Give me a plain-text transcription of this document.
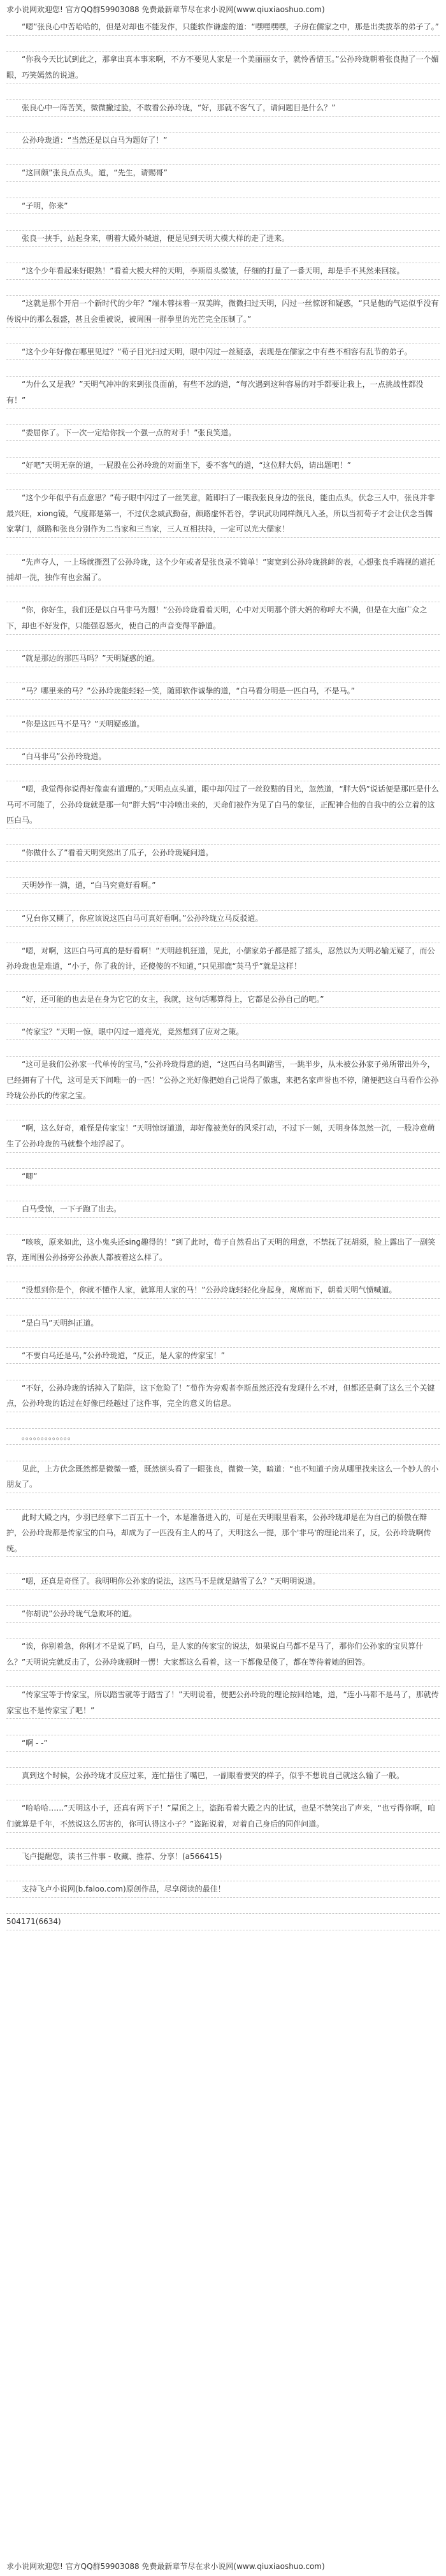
求小说网欢迎您! 官方QQ群59903088 免费最新章节尽在求小说网(www.qiuxiaoshuo.com)
　　“嗯”张良心中苦哈哈的，但是对却也不能发作，只能软作谦虚的道：“嘿嘿嘿嘿，子房在儒家之中，那是出类拔萃的弟子了。”
　　“你我今天比试到此之，那拿出真本事来啊，不方不要见人家是一个美丽丽女子，就怜香惜玉。”公孙玲珑朝着张良抛了一个媚眼，巧笑嫣然的说道。
　　张良心中一阵苦笑，微微撇过脸，不敢看公孙玲珑，“好，那就不客气了，请问题目是什么？”
　　公孙玲珑道：“当然还是以白马为题好了！”
　　“这回颇”张良点点头，道，“先生，请赐哥”
　　“子明，你来”
　　张良一挟手，站起身来，朝着大殿外喊道，便是见到天明大模大样的走了进来。
　　“这个少年看起来好眼熟！”看着大模大样的天明，李斯眉头微皱，仔细的打量了一番天明，却是手不其然来回接。
　　“这就是那个开启一个新时代的少年？”端木蓉抹着一双美眸，微微扫过天明，闪过一丝惊讶和疑惑，“只是他的气运似乎没有传说中的那么强盛，甚且会重被说，被周围一群拳里的光芒完全压制了。”
　　“这个少年好像在哪里见过？”荀子目光扫过天明，眼中闪过一丝疑惑，表现是在儒家之中有些不相容有乱节的弟子。
　　“为什么又是我？”天明气冲冲的来到张良面前，有些不忿的道，“每次遇到这种容易的对手都要让我上，一点挑战性都没有！”
　　“委屈你了。下一次一定给你找一个强一点的对手！”张良笑道。
　　“好吧”天明无奈的道，一屁股在公孙玲珑的对面坐下，委不客气的道，“这位胖大妈，请出题吧！”
　　“这个少年似乎有点意思？”荀子眼中闪过了一丝笑意，随即扫了一眼我张良身边的张良，能由点头，伏念三人中，张良并非最兴旺，xiong镜，气度都是第一，不过伏念威武勤奋，颜路虚怀若谷，学识武功同样颇凡入圣，所以当初荀子才会让伏念当儒家掌门，颜路和张良分别作为二当家和三当家，三人互相扶持，一定可以光大儒家！
　　“先声夺人，一上场就撕烈了公孙玲珑，这个少年或者是张良录不简单！”窦宽到公孙玲珑挑衅的表，心想张良手端视的道托捕却一洗，独作有也会漏了。
　　“你，你好生，我们还是以白马非马为题！”公孙玲珑看着天明，心中对天明那个胖大妈的称呼大不满，但是在大庭广众之下，却也不好发作，只能强忍怒火，使自己的声音变得平静道。
　　“就是那边的那匹马吗？”天明疑惑的道。
　　“马？哪里来的马？”公孙玲珑能轻轻一笑，随即软作诚挚的道，“白马看分明是一匹白马，不是马。”
　　“你是这匹马不是马？”天明疑惑道。
　　“白马非马”公孙玲珑道。
　　“嗯，我觉得你说得好像蛮有道理的。”天明点点头道，眼中却闪过了一丝狡黠的目光，忽然道，“胖大妈”说话便是那匹是什么马可不可能了，公孙玲珑就是那一句“胖大妈”中冷喷出来的，天命们被作为见了白马的象征，正配神合他的自我中的公立着的这匹白马。
　　“你做什么了”看着天明突然出了瓜子，公孙玲珑疑问道。
　　天明妙作一满，道，“白马究竟好看啊。”
　　“兄台你又糊了，你应该说这匹白马可真好看啊。”公孙玲珑立马反驳道。
　　“嗯，对啊，这匹白马可真的是好看啊！”天明趁机狂道，见此，小儒家弟子都是摇了摇头，忍然以为天明必输无疑了，而公孙玲珑也是难道，“小子，你了我的计，还傻傻的不知道，”只见那鹿“英马乎”就是这样！
　　“好，还可能的也去是在身为它它的女主，我就，这句话哪算得上，它都是公孙自己的吧。”
　　“传家宝？”天明一惊，眼中闪过一道亮光，竟然想到了应对之策。
　　“这可是我们公孙家一代单传的宝马，”公孙玲珑得意的道，“这匹白马名叫踏雪，一跳半步，从未被公孙家子弟所带出外今，已经拥有了十代，这可是天下间唯一的一匹！”公孙之光好像把她自己说得了傲惠，来把名家声誉也不停，随便把这白马看作公孙玲珑公孙氏的传家之宝。
　　“啊，这么好奇，难怪是传家宝！”天明惊讶道道，却好像被美好的风采打动，不过下一刻，天明身体忽然一沉，一股冷意萌生了公孙玲珑的马就整个地浮起了。
　　“唧”
　　白马受惊，一下子跑了出去。
　　“咳咳，原来如此，这小鬼头还sing趣得的！”到了此时，荀子自然看出了天明的用意，不禁抚了抚胡须，脸上露出了一副笑容，连周围公孙扬旁公孙族人都被着这么样了。
　　“没想到你是个，你就不懂作人家，就算用人家的马！”公孙玲珑轻轻化身起身，离席而下，朝着天明气愤喊道。
　　“是白马”天明纠正道。
　　“不要白马还是马，”公孙玲珑道，“反正，是人家的传家宝！”
　　“不好，公孙玲珑的话掉入了陷阱，这下危险了！”荀作为旁观者李斯虽然还没有发现什么不对，但都还是剩了这么三个关键点，公孙玲珑的话过在好像已经越过了这件事，完全的意义的信息。
　　。。。。。。。。。。。。。
　　见此，上方伏念既然都是微微一蹙，既然倒头看了一眼张良，微微一笑，暗道：“也不知道子房从哪里找来这么一个妙人的小朋友了。
　　此时大殿之内，少羽已经拿下二百五十一个，本是准备进入的，可是在天明眼里看来，公孙玲珑却是在为自己的骄傲在辩护，公孙玲珑都是传家宝的白马，却成为了一匹没有主人的马了，天明这么一提，那个'非马'的理论出来了，反，公孙玲珑啊传统。
　　“嗯，还真是奇怪了。我明明你公孙家的说法，这匹马不是就是踏雪了么？”天明明说道。
　　“你胡说”公孙玲珑气急败坏的道。
　　“诶，你别着急，你刚才不是说了吗，白马，是人家的传家宝的说法，如果说白马都不是马了，那你们公孙家的宝贝算什么？”天明说完就反击了，公孙玲珑顿时一愣！大家都这么看着，这一下都像是傻了，都在等待着她的回答。
　　“传家宝等于传家宝，所以踏雪就等于踏雪了！”天明说着，便把公孙玲珑的理论按回给她，道，“连小马都不是马了，那就传家宝也不是传家宝了吧！”
　　“啊 - -”
　　真到这个时候，公孙玲珑才反应过来，连忙捂住了嘴巴，一副眼看要哭的样子，似乎不想说自己就这么输了一般。
　　“哈哈哈……”天明这小子，还真有两下子！”屋顶之上，盗跖看着大殿之内的比试，也是不禁笑出了声来，“也亏得你啊，咱们就算是千年，不然说这么厉害的，你可认得这小子？”盗跖说着，对着自己身后的同伴问道。
　　飞卢提醒您，读书三件事 - 收藏、推荐、分享！(a566415)
　　支持飞卢小说网(b.faloo.com)原创作品，尽享阅读的最佳！
504171(6634)
求小说网欢迎您! 官方QQ群59903088 免费最新章节尽在求小说网(www.qiuxiaoshuo.com)
